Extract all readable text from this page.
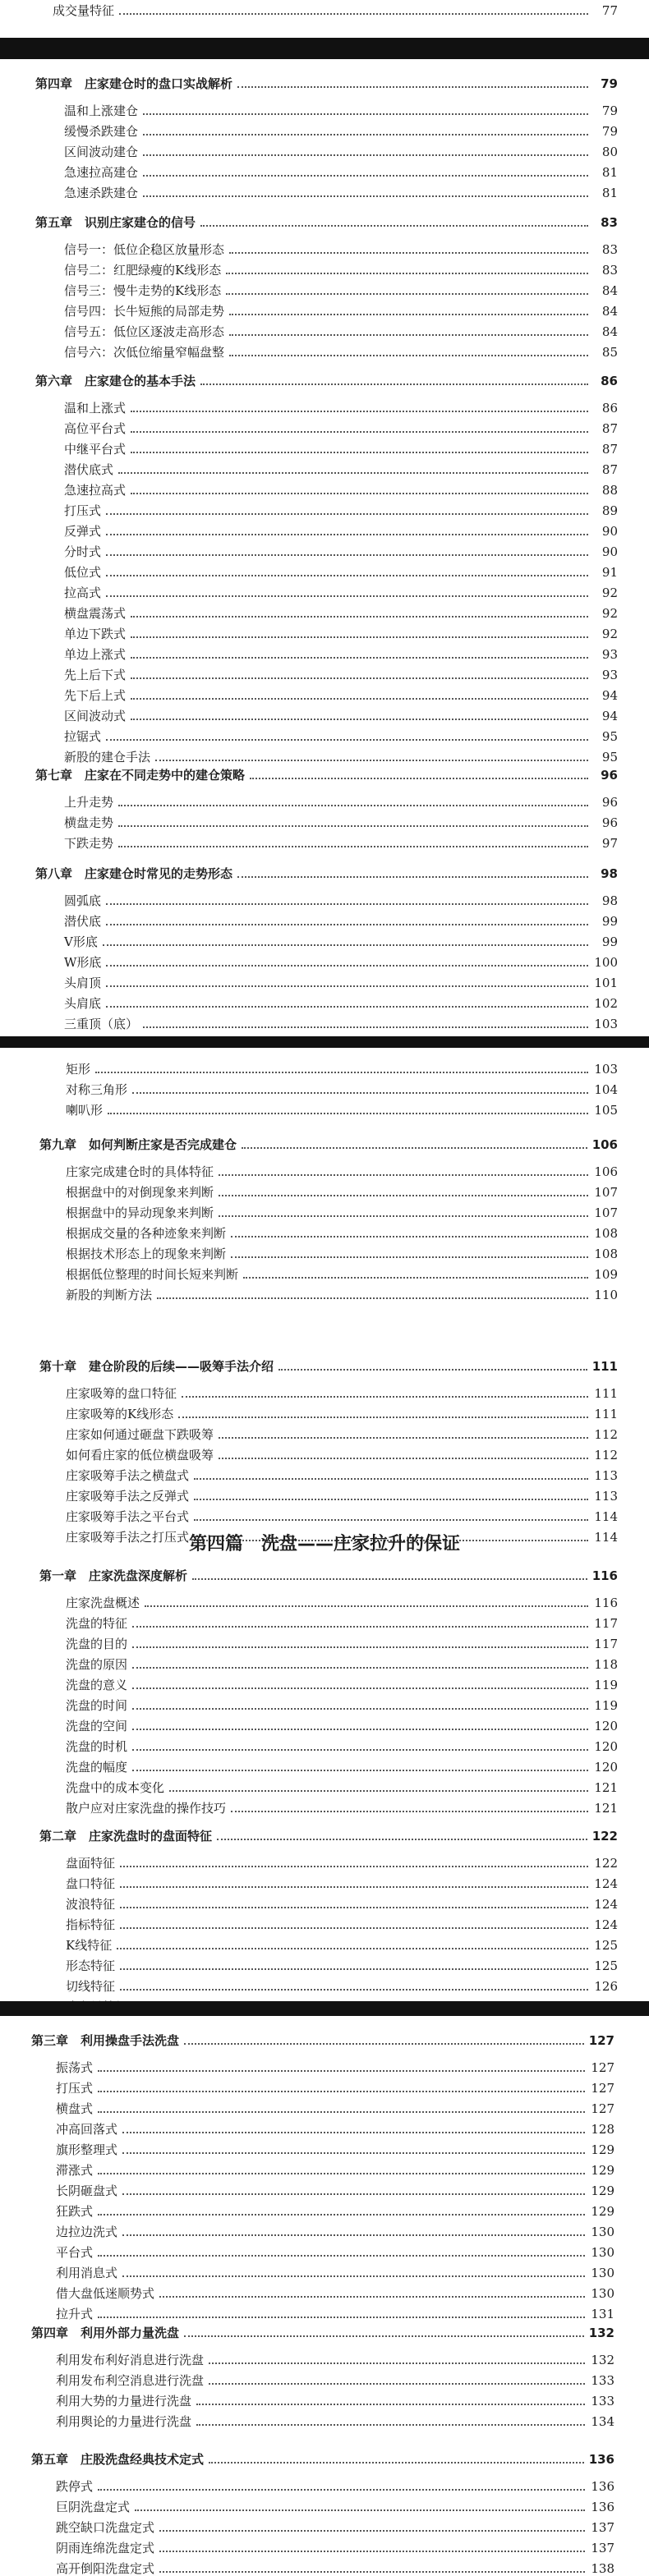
成交量特征	77
第四章　庄家建仓时的盘口实战解析	79
温和上涨建仓	79
缓慢杀跌建仓	79
区间波动建仓	80
急速拉高建仓	81
急速杀跌建仓	81
第五章　识别庄家建仓的信号	83
信号一：低位企稳区放量形态	83
信号二：红肥绿瘦的K线形态	83
信号三：慢牛走势的K线形态	84
信号四：长牛短熊的局部走势	84
信号五：低位区逐波走高形态	84
信号六：次低位缩量窄幅盘整	85
第六章　庄家建仓的基本手法	86
温和上涨式	86
高位平台式	87
中继平台式	87
潜伏底式	87
急速拉高式	88
打压式	89
反弹式	90
分时式	90
低位式	91
拉高式	92
横盘震荡式	92
单边下跌式	92
单边上涨式	93
先上后下式	93
先下后上式	94
区间波动式	94
拉锯式	95
新股的建仓手法	95
第七章　庄家在不同走势中的建仓策略	96
上升走势	96
横盘走势	96
下跌走势	97
第八章　庄家建仓时常见的走势形态	98
圆弧底	98
潜伏底	99
V形底	99
W形底	100
头肩顶	101
头肩底	102
三重顶（底）	103
矩形	103
对称三角形	104
喇叭形	105
第九章　如何判断庄家是否完成建仓	106
庄家完成建仓时的具体特征	106
根据盘中的对倒现象来判断	107
根据盘中的异动现象来判断	107
根据成交量的各种迹象来判断	108
根据技术形态上的现象来判断	108
根据低位整理的时间长短来判断	109
新股的判断方法	110
第十章　建仓阶段的后续——吸筹手法介绍	111
庄家吸筹的盘口特征	111
庄家吸筹的K线形态	111
庄家如何通过砸盘下跌吸筹	112
如何看庄家的低位横盘吸筹	112
庄家吸筹手法之横盘式	113
庄家吸筹手法之反弹式	113
庄家吸筹手法之平台式	114
庄家吸筹手法之打压式	114
第四篇　洗盘——庄家拉升的保证
第一章　庄家洗盘深度解析	116
庄家洗盘概述	116
洗盘的特征	117
洗盘的目的	117
洗盘的原因	118
洗盘的意义	119
洗盘的时间	119
洗盘的空间	120
洗盘的时机	120
洗盘的幅度	120
洗盘中的成本变化	121
散户应对庄家洗盘的操作技巧	121
第二章　庄家洗盘时的盘面特征	122
盘面特征	122
盘口特征	124
波浪特征	124
指标特征	124
K线特征	125
形态特征	125
切线特征	126
第三章　利用操盘手法洗盘	127
振荡式	127
打压式	127
横盘式	127
冲高回落式	128
旗形整理式	129
滞涨式	129
长阴砸盘式	129
狂跌式	129
边拉边洗式	130
平台式	130
利用消息式	130
借大盘低迷顺势式	130
拉升式	131
第四章　利用外部力量洗盘	132
利用发布利好消息进行洗盘	132
利用发布利空消息进行洗盘	133
利用大势的力量进行洗盘	133
利用舆论的力量进行洗盘	134
第五章　庄股洗盘经典技术定式	136
跌停式	136
巨阴洗盘定式	136
跳空缺口洗盘定式	137
阴雨连绵洗盘定式	137
高开倒阳洗盘定式	138
